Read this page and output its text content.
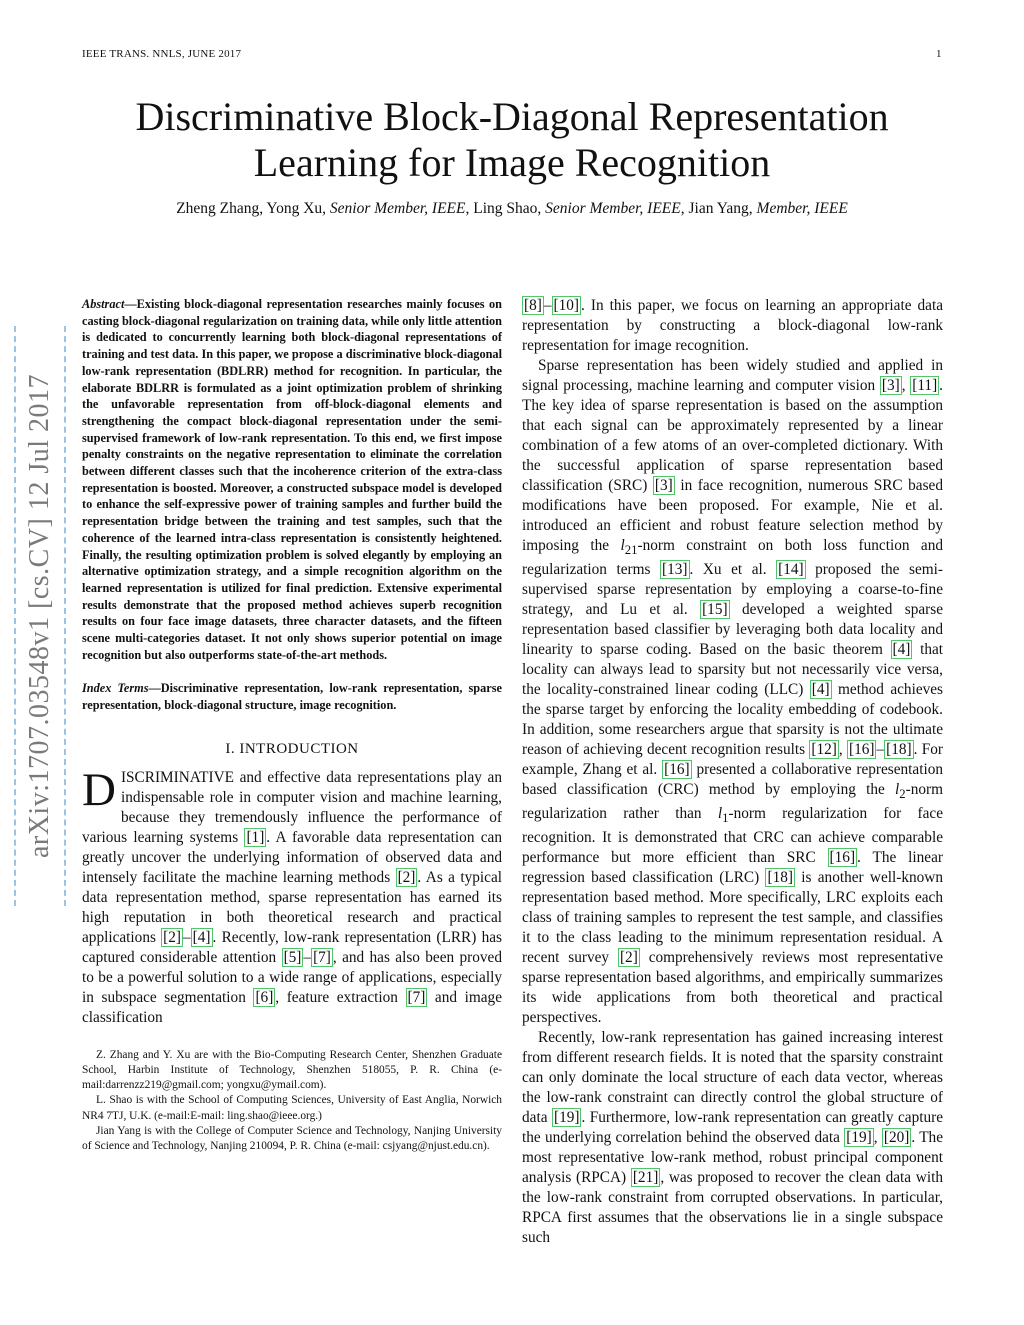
IEEE TRANS. NNLS, JUNE 2017	1
Discriminative Block-Diagonal Representation
Learning for Image Recognition
Zheng Zhang, Yong Xu, Senior Member, IEEE, Ling Shao, Senior Member, IEEE, Jian Yang, Member, IEEE
arXiv:1707.03548v1 [cs.CV] 12 Jul 2017

Abstract—Existing block-diagonal representation researches mainly focuses on casting block-diagonal regularization on training data, while only little attention is dedicated to concurrently learning both block-diagonal representations of training and test data. In this paper, we propose a discriminative block-diagonal low-rank representation (BDLRR) method for recognition. In particular, the elaborate BDLRR is formulated as a joint optimization problem of shrinking the unfavorable representation from off-block-diagonal elements and strengthening the compact block-diagonal representation under the semi-supervised framework of low-rank representation. To this end, we first impose penalty constraints on the negative representation to eliminate the correlation between different classes such that the incoherence criterion of the extra-class representation is boosted. Moreover, a constructed subspace model is developed to enhance the self-expressive power of training samples and further build the representation bridge between the training and test samples, such that the coherence of the learned intra-class representation is consistently heightened. Finally, the resulting optimization problem is solved elegantly by employing an alternative optimization strategy, and a simple recognition algorithm on the learned representation is utilized for final prediction. Extensive experimental results demonstrate that the proposed method achieves superb recognition results on four face image datasets, three character datasets, and the fifteen scene multi-categories dataset. It not only shows superior potential on image recognition but also outperforms state-of-the-art methods.

Index Terms—Discriminative representation, low-rank representation, sparse representation, block-diagonal structure, image recognition.

I. INTRODUCTION

DISCRIMINATIVE and effective data representations play an indispensable role in computer vision and machine learning, because they tremendously influence the performance of various learning systems [1] . A favorable data representation can greatly uncover the underlying information of observed data and intensely facilitate the machine learning methods [2] . As a typical data representation method, sparse representation has earned its high reputation in both theoretical research and practical applications [2] – [4] . Recently, low-rank representation (LRR) has captured considerable attention [5] – [7] , and has also been proved to be a powerful solution to a wide range of applications, especially in subspace segmentation [6] , feature extraction [7] and image classification

Z. Zhang and Y. Xu are with the Bio-Computing Research Center, Shenzhen Graduate School, Harbin Institute of Technology, Shenzhen 518055, P. R. China (e-mail:darrenzz219@gmail.com; yongxu@ymail.com).

L. Shao is with the School of Computing Sciences, University of East Anglia, Norwich NR4 7TJ, U.K. (e-mail:E-mail: ling.shao@ieee.org.)

Jian Yang is with the College of Computer Science and Technology, Nanjing University of Science and Technology, Nanjing 210094, P. R. China (e-mail: csjyang@njust.edu.cn).

[8] – [10] . In this paper, we focus on learning an appropriate data representation by constructing a block-diagonal low-rank representation for image recognition.

Sparse representation has been widely studied and applied in signal processing, machine learning and computer vision [3] , [11] . The key idea of sparse representation is based on the assumption that each signal can be approximately represented by a linear combination of a few atoms of an over-completed dictionary. With the successful application of sparse representation based classification (SRC) [3] in face recognition, numerous SRC based modifications have been proposed. For example, Nie et al. introduced an efficient and robust feature selection method by imposing the $l_{21}$-norm constraint on both loss function and regularization terms [13] . Xu et al. [14] proposed the semi-supervised sparse representation by employing a coarse-to-fine strategy, and Lu et al. [15] developed a weighted sparse representation based classifier by leveraging both data locality and linearity to sparse coding. Based on the basic theorem [4] that locality can always lead to sparsity but not necessarily vice versa, the locality-constrained linear coding (LLC) [4] method achieves the sparse target by enforcing the locality embedding of codebook. In addition, some researchers argue that sparsity is not the ultimate reason of achieving decent recognition results [12] , [16] – [18] . For example, Zhang et al. [16] presented a collaborative representation based classification (CRC) method by employing the $l_2$-norm regularization rather than $l_1$-norm regularization for face recognition. It is demonstrated that CRC can achieve comparable performance but more efficient than SRC [16] . The linear regression based classification (LRC) [18] is another well-known representation based method. More specifically, LRC exploits each class of training samples to represent the test sample, and classifies it to the class leading to the minimum representation residual. A recent survey [2] comprehensively reviews most representative sparse representation based algorithms, and empirically summarizes its wide applications from both theoretical and practical perspectives.

Recently, low-rank representation has gained increasing interest from different research fields. It is noted that the sparsity constraint can only dominate the local structure of each data vector, whereas the low-rank constraint can directly control the global structure of data [19] . Furthermore, low-rank representation can greatly capture the underlying correlation behind the observed data [19] , [20] . The most representative low-rank method, robust principal component analysis (RPCA) [21] , was proposed to recover the clean data with the low-rank constraint from corrupted observations. In particular, RPCA first assumes that the observations lie in a single subspace such
